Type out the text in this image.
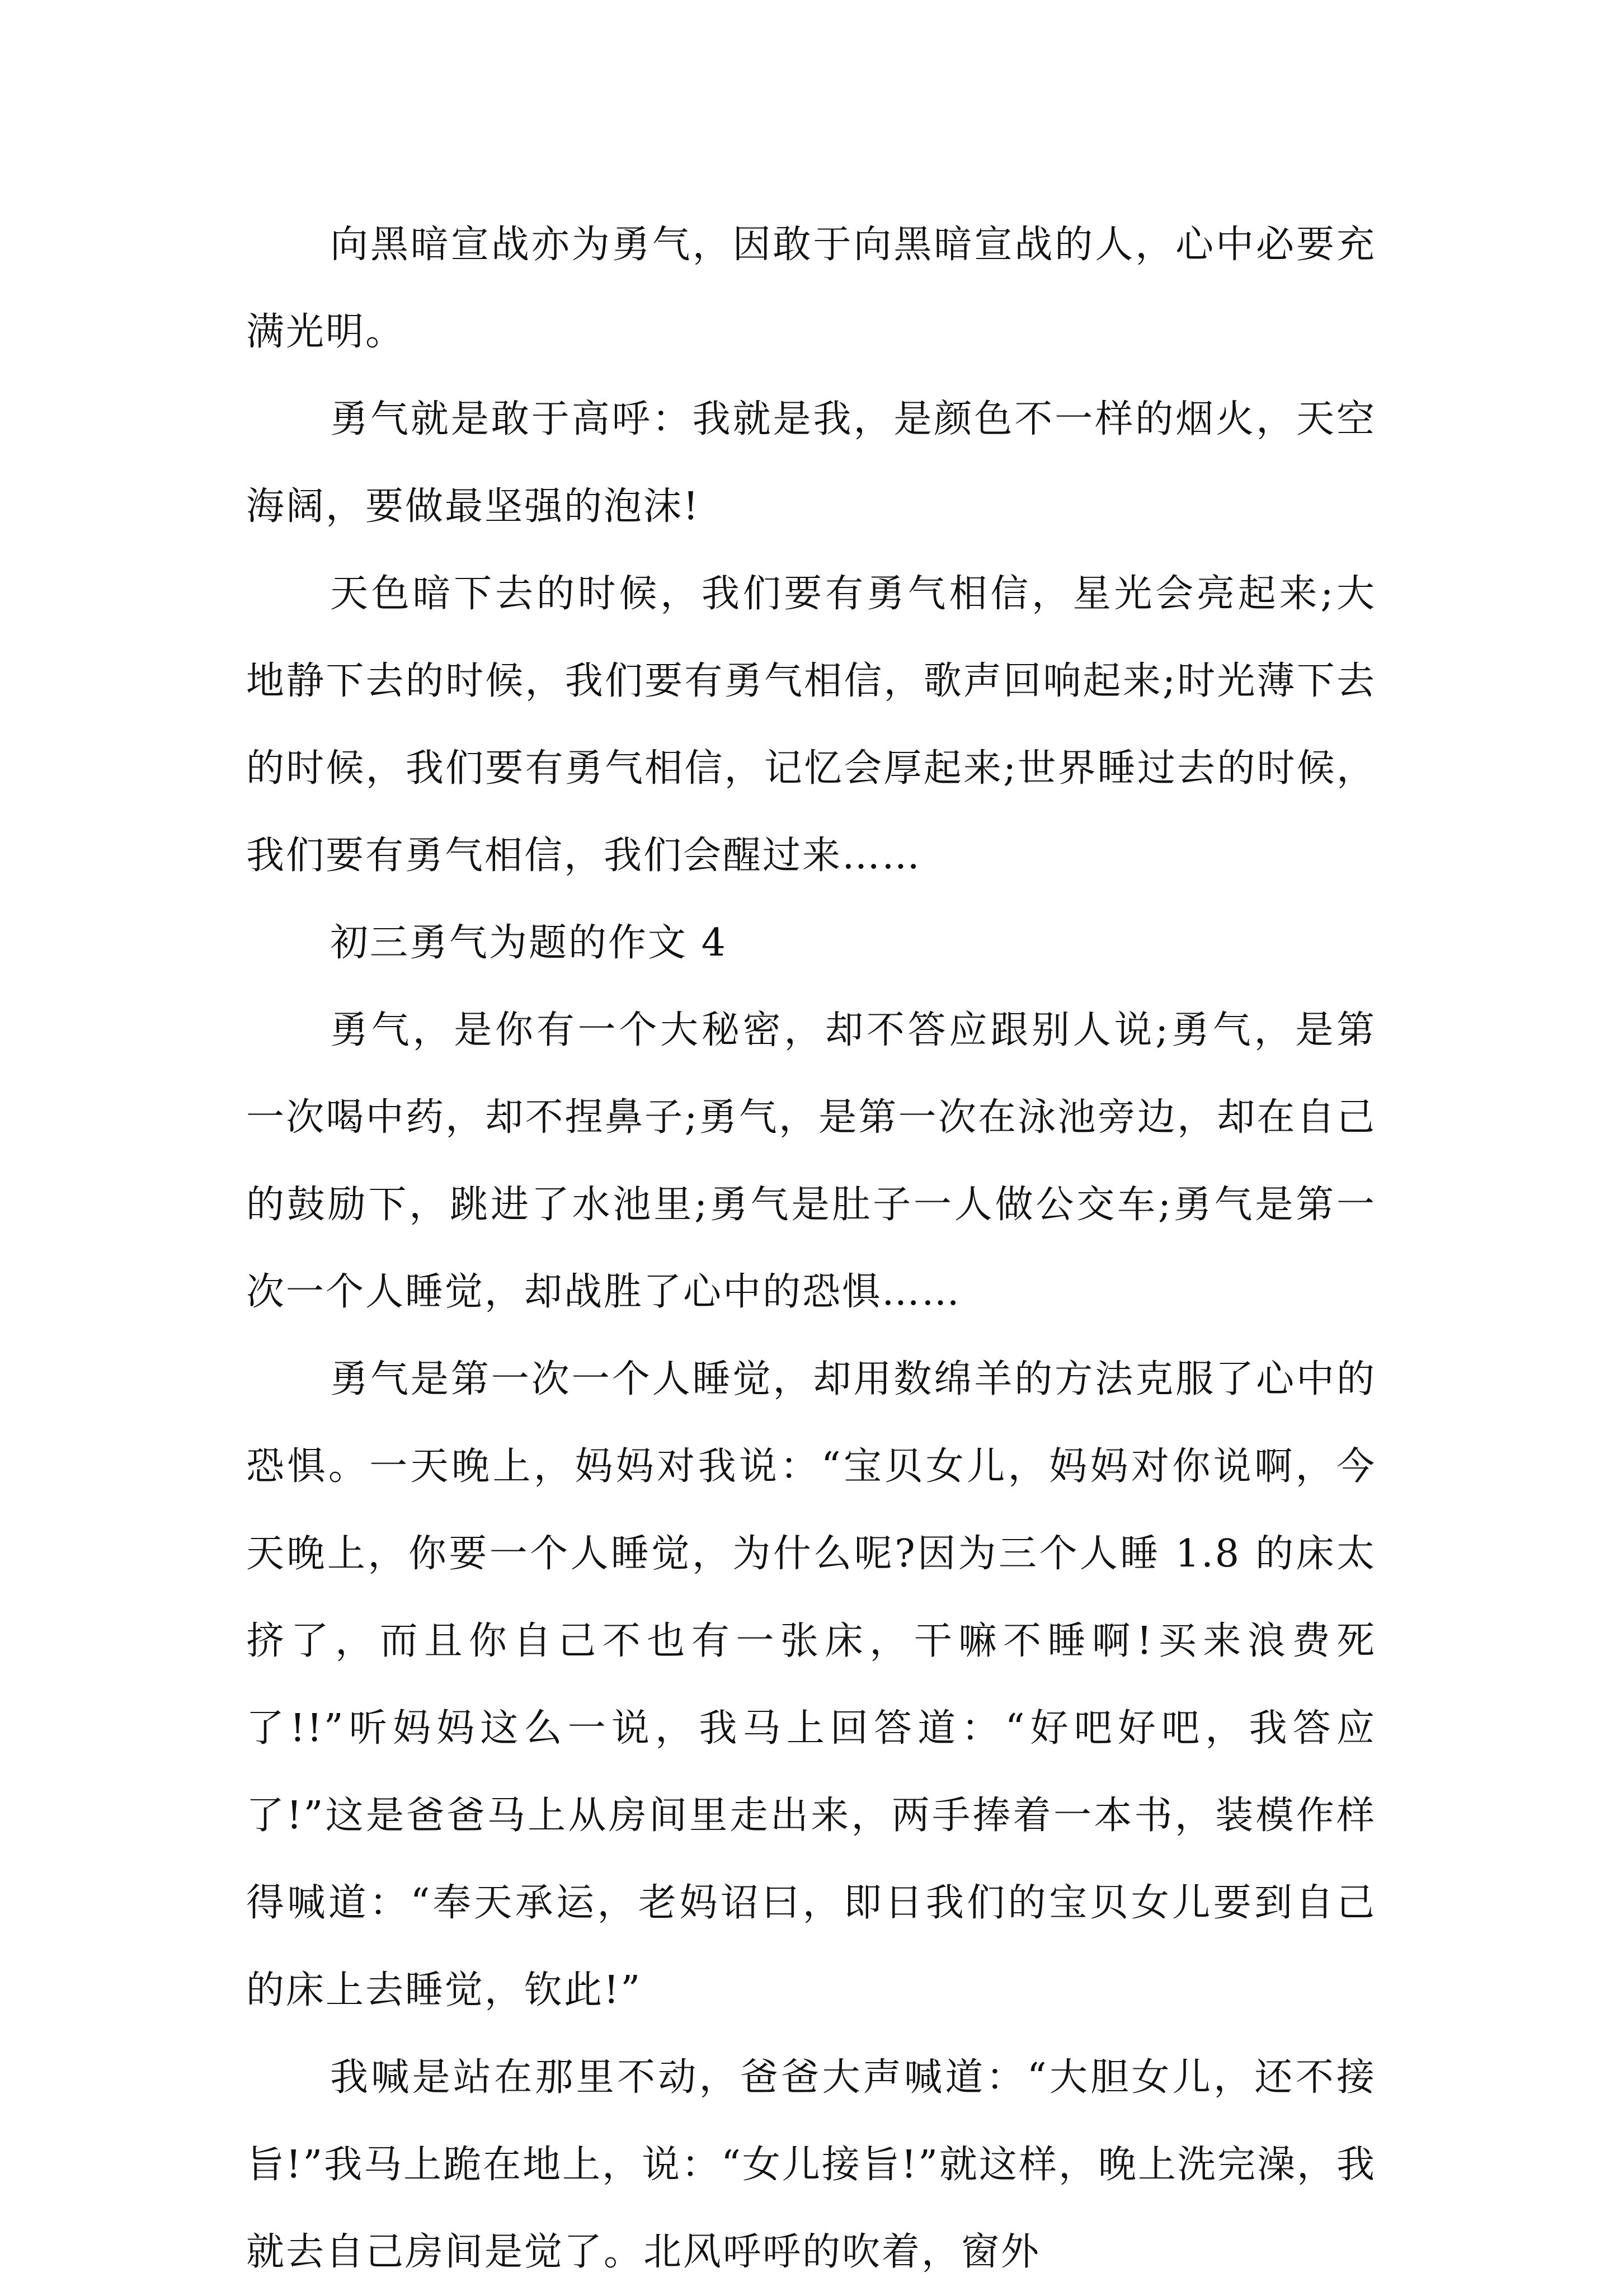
向黑暗宣战亦为勇气，因敢于向黑暗宣战的人，心中必要充满光明。

勇气就是敢于高呼：我就是我，是颜色不一样的烟火，天空海阔，要做最坚强的泡沫!

天色暗下去的时候，我们要有勇气相信，星光会亮起来;大地静下去的时候，我们要有勇气相信，歌声回响起来;时光薄下去的时候，我们要有勇气相信，记忆会厚起来;世界睡过去的时候，我们要有勇气相信，我们会醒过来……

初三勇气为题的作文 4

勇气，是你有一个大秘密，却不答应跟别人说;勇气，是第一次喝中药，却不捏鼻子;勇气，是第一次在泳池旁边，却在自己的鼓励下，跳进了水池里;勇气是肚子一人做公交车;勇气是第一次一个人睡觉，却战胜了心中的恐惧……

勇气是第一次一个人睡觉，却用数绵羊的方法克服了心中的恐惧。一天晚上，妈妈对我说：“宝贝女儿，妈妈对你说啊，今天晚上，你要一个人睡觉，为什么呢?因为三个人睡 1.8 的床太挤了，而且你自己不也有一张床，干嘛不睡啊!买来浪费死了!!”听妈妈这么一说，我马上回答道：“好吧好吧，我答应了!”这是爸爸马上从房间里走出来，两手捧着一本书，装模作样得喊道：“奉天承运，老妈诏曰，即日我们的宝贝女儿要到自己的床上去睡觉，钦此!”

我喊是站在那里不动，爸爸大声喊道：“大胆女儿，还不接旨!”我马上跪在地上，说：“女儿接旨!”就这样，晚上洗完澡，我就去自己房间是觉了。北风呼呼的吹着，窗外
